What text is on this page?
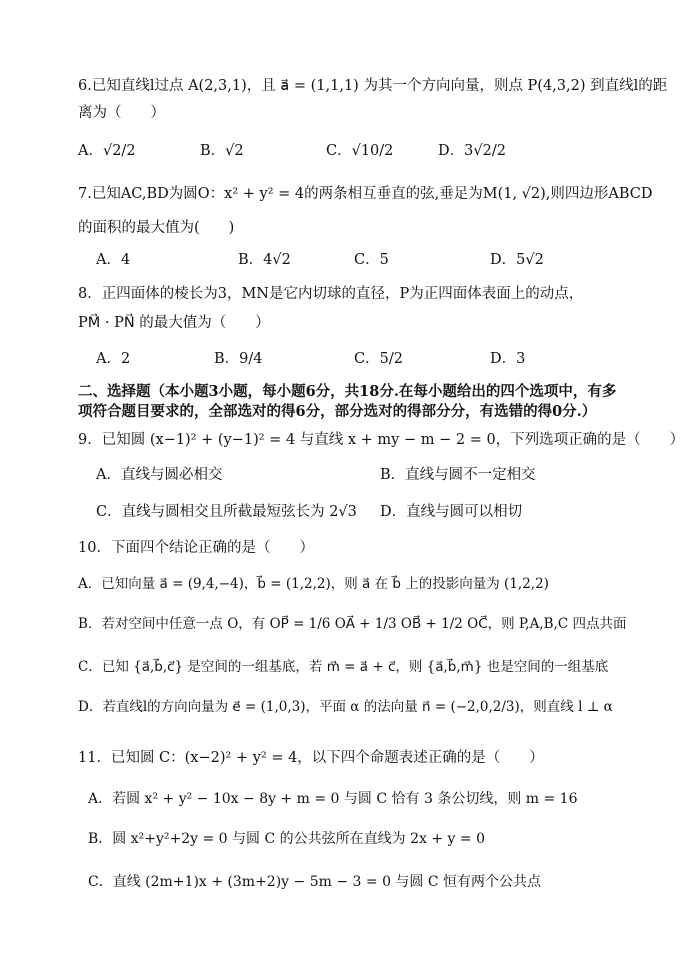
6.已知直线l过点 A(2,3,1)，且 a⃗ = (1,1,1) 为其一个方向向量，则点 P(4,3,2) 到直线l的距
离为（　　）
A．√2/2	B．√2	C．√10/2	D．3√2/2
7.已知AC,BD为圆O：x² + y² = 4的两条相互垂直的弦,垂足为M(1, √2),则四边形ABCD
的面积的最大值为(　　)
A．4	B．4√2	C．5	D．5√2
8．正四面体的棱长为3，MN是它内切球的直径，P为正四面体表面上的动点，
PM⃗ · PN⃗ 的最大值为（　　）
A．2	B．9/4	C．5/2	D．3
二、选择题（本小题3小题，每小题6分，共18分.在每小题给出的四个选项中，有多
项符合题目要求的，全部选对的得6分，部分选对的得部分分，有选错的得0分.）
9．已知圆 (x−1)² + (y−1)² = 4 与直线 x + my − m − 2 = 0，下列选项正确的是（　　）
A．直线与圆必相交	B．直线与圆不一定相交
C．直线与圆相交且所截最短弦长为 2√3 D．直线与圆可以相切
10．下面四个结论正确的是（　　）
A．已知向量 a⃗ = (9,4,−4)，b⃗ = (1,2,2)，则 a⃗ 在 b⃗ 上的投影向量为 (1,2,2)
B．若对空间中任意一点 O，有 OP⃗ = 1/6 OA⃗ + 1/3 OB⃗ + 1/2 OC⃗，则 P,A,B,C 四点共面
C．已知 {a⃗,b⃗,c⃗} 是空间的一组基底，若 m⃗ = a⃗ + c⃗，则 {a⃗,b⃗,m⃗} 也是空间的一组基底
D．若直线l的方向向量为 e⃗ = (1,0,3)，平面 α 的法向量 n⃗ = (−2,0,2/3)，则直线 l ⊥ α
11．已知圆 C：(x−2)² + y² = 4，以下四个命题表述正确的是（　　）
A．若圆 x² + y² − 10x − 8y + m = 0 与圆 C 恰有 3 条公切线，则 m = 16
B．圆 x²+y²+2y = 0 与圆 C 的公共弦所在直线为 2x + y = 0
C．直线 (2m+1)x + (3m+2)y − 5m − 3 = 0 与圆 C 恒有两个公共点
